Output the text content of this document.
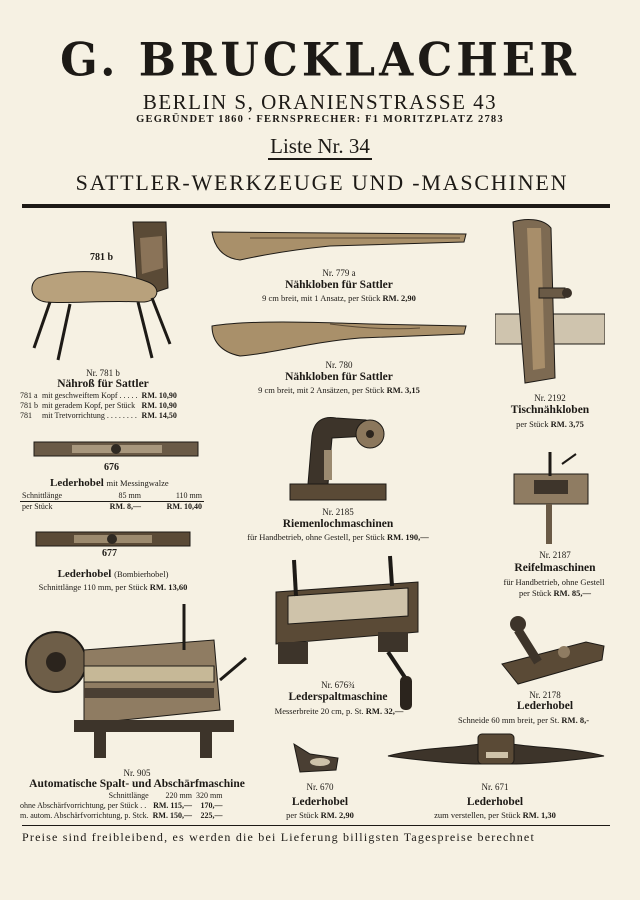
G. BRUCKLACHER
BERLIN S, ORANIENSTRASSE 43
GEGRÜNDET 1860 · FERNSPRECHER: F1 MORITZPLATZ 2783
Liste Nr. 34
SATTLER-WERKZEUGE UND -MASCHINEN
781 b
Nr. 781 b
Nähroß für Sattler
781 a	mit geschweiftem Kopf . . . . .	RM. 10,90
781 b	mit geradem Kopf, per Stück	RM. 10,90
781	mit Tretvorrichtung . . . . . . . .	RM. 14,50
Nr. 779 a
Nähkloben für Sattler
9 cm breit, mit 1 Ansatz, per Stück RM. 2,90
Nr. 780
Nähkloben für Sattler
9 cm breit, mit 2 Ansätzen, per Stück RM. 3,15
Nr. 2192
Tischnähkloben
per Stück RM. 3,75
676
Lederhobel mit Messingwalze
Schnittlänge	85 mm	110 mm
per Stück	RM. 8,—	RM. 10,40
677
Lederhobel (Bombierhobel)
Schnittlänge 110 mm, per Stück RM. 13,60
Nr. 2185
Riemenlochmaschinen
für Handbetrieb, ohne Gestell, per Stück RM. 190,—
Nr. 2187
Reifelmaschinen
für Handbetrieb, ohne Gestell
per Stück RM. 85,—
Nr. 676¾
Lederspaltmaschine
Messerbreite 20 cm, p. St. RM. 32,—
Nr. 2178
Lederhobel
Schneide 60 mm breit, per St. RM. 8,-
Nr. 905
Automatische Spalt- und Abschärfmaschine
	Schnittlänge	220 mm	320 mm
ohne Abschärfvorrichtung, per Stück . .		RM. 115,—	170,—
m. autom. Abschärfvorrichtung, p. Stck.		RM. 150,—	225,—
Nr. 670
Lederhobel
per Stück RM. 2,90
Nr. 671
Lederhobel
zum verstellen, per Stück RM. 1,30
Preise sind freibleibend, es werden die bei Lieferung billigsten Tagespreise berechnet
